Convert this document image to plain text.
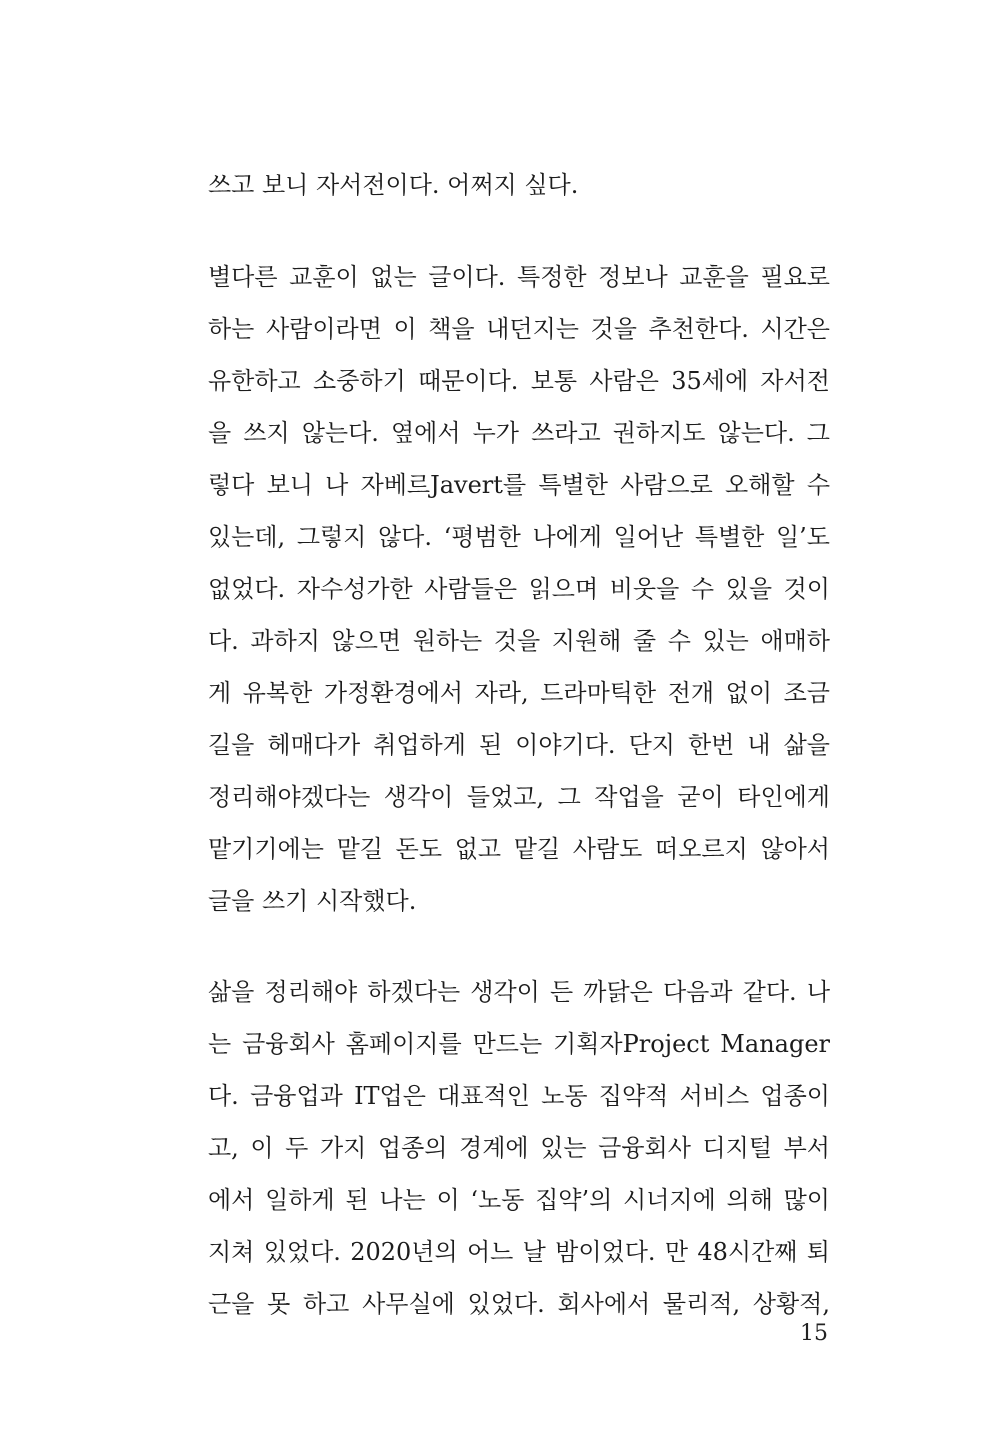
쓰고 보니 자서전이다. 어쩌지 싶다.
별다른 교훈이 없는 글이다. 특정한 정보나 교훈을 필요로
하는 사람이라면 이 책을 내던지는 것을 추천한다. 시간은
유한하고 소중하기 때문이다. 보통 사람은 35세에 자서전
을 쓰지 않는다. 옆에서 누가 쓰라고 권하지도 않는다. 그
렇다 보니 나 자베르Javert를 특별한 사람으로 오해할 수
있는데, 그렇지 않다. ‘평범한 나에게 일어난 특별한 일’도
없었다. 자수성가한 사람들은 읽으며 비웃을 수 있을 것이
다. 과하지 않으면 원하는 것을 지원해 줄 수 있는 애매하
게 유복한 가정환경에서 자라, 드라마틱한 전개 없이 조금
길을 헤매다가 취업하게 된 이야기다. 단지 한번 내 삶을
정리해야겠다는 생각이 들었고, 그 작업을 굳이 타인에게
맡기기에는 맡길 돈도 없고 맡길 사람도 떠오르지 않아서
글을 쓰기 시작했다.
삶을 정리해야 하겠다는 생각이 든 까닭은 다음과 같다. 나
는 금융회사 홈페이지를 만드는 기획자Project Manager
다. 금융업과 IT업은 대표적인 노동 집약적 서비스 업종이
고, 이 두 가지 업종의 경계에 있는 금융회사 디지털 부서
에서 일하게 된 나는 이 ‘노동 집약’의 시너지에 의해 많이
지쳐 있었다. 2020년의 어느 날 밤이었다. 만 48시간째 퇴
근을 못 하고 사무실에 있었다. 회사에서 물리적, 상황적,
15
